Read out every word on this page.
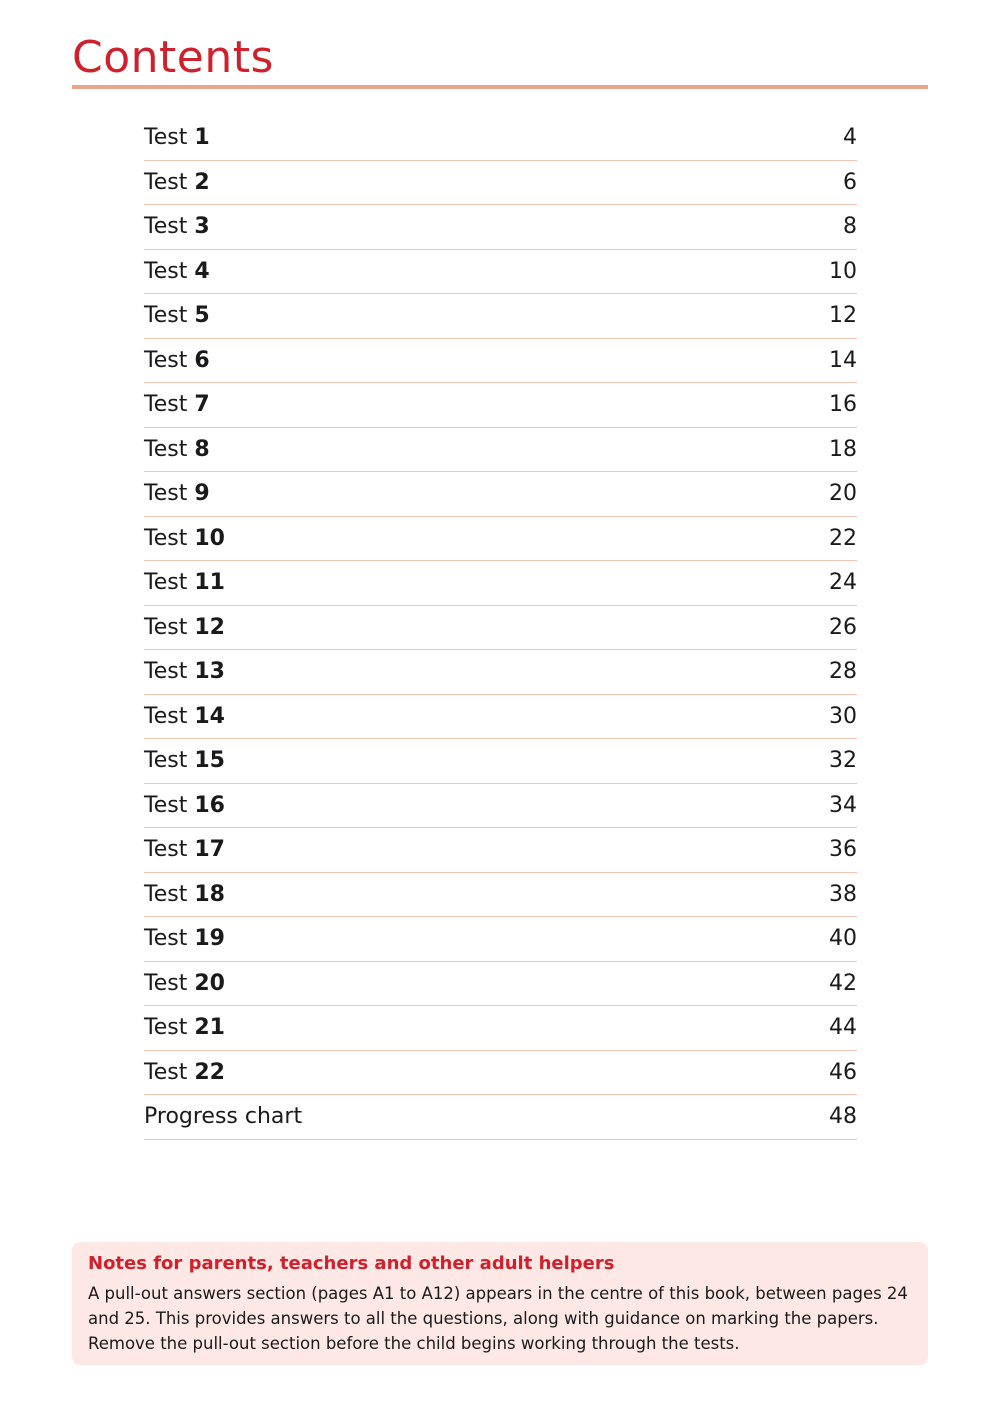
Contents
Test 1	4
Test 2	6
Test 3	8
Test 4	10
Test 5	12
Test 6	14
Test 7	16
Test 8	18
Test 9	20
Test 10	22
Test 11	24
Test 12	26
Test 13	28
Test 14	30
Test 15	32
Test 16	34
Test 17	36
Test 18	38
Test 19	40
Test 20	42
Test 21	44
Test 22	46
Progress chart	48

Notes for parents, teachers and other adult helpers

A pull-out answers section (pages A1 to A12) appears in the centre of this book, between pages 24 and 25. This provides answers to all the questions, along with guidance on marking the papers. Remove the pull-out section before the child begins working through the tests.
